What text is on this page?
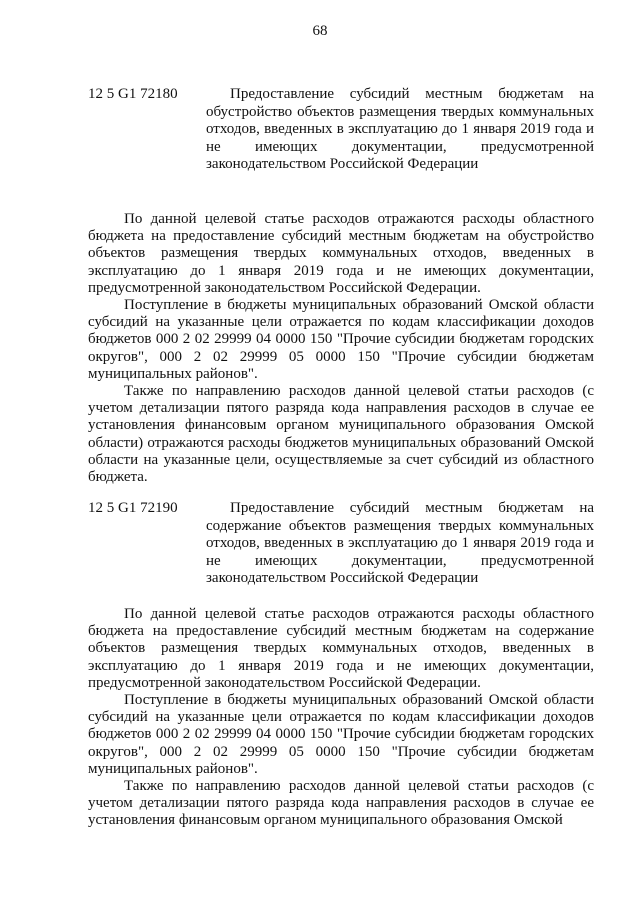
68
12 5 G1 72180	Предоставление субсидий местным бюджетам на обустройство объектов размещения твердых коммунальных отходов, введенных в эксплуатацию до 1 января 2019 года и не имеющих документации, предусмотренной законодательством Российской Федерации

По данной целевой статье расходов отражаются расходы областного бюджета на предоставление субсидий местным бюджетам на обустройство объектов размещения твердых коммунальных отходов, введенных в эксплуатацию до 1 января 2019 года и не имеющих документации, предусмотренной законодательством Российской Федерации.

Поступление в бюджеты муниципальных образований Омской области субсидий на указанные цели отражается по кодам классификации доходов бюджетов 000 2 02 29999 04 0000 150 "Прочие субсидии бюджетам городских округов", 000 2 02 29999 05 0000 150 "Прочие субсидии бюджетам муниципальных районов".

Также по направлению расходов данной целевой статьи расходов (с учетом детализации пятого разряда кода направления расходов в случае ее установления финансовым органом муниципального образования Омской области) отражаются расходы бюджетов муниципальных образований Омской области на указанные цели, осуществляемые за счет субсидий из областного бюджета.

12 5 G1 72190	Предоставление субсидий местным бюджетам на содержание объектов размещения твердых коммунальных отходов, введенных в эксплуатацию до 1 января 2019 года и не имеющих документации, предусмотренной законодательством Российской Федерации

По данной целевой статье расходов отражаются расходы областного бюджета на предоставление субсидий местным бюджетам на содержание объектов размещения твердых коммунальных отходов, введенных в эксплуатацию до 1 января 2019 года и не имеющих документации, предусмотренной законодательством Российской Федерации.

Поступление в бюджеты муниципальных образований Омской области субсидий на указанные цели отражается по кодам классификации доходов бюджетов 000 2 02 29999 04 0000 150 "Прочие субсидии бюджетам городских округов", 000 2 02 29999 05 0000 150 "Прочие субсидии бюджетам муниципальных районов".

Также по направлению расходов данной целевой статьи расходов (с учетом детализации пятого разряда кода направления расходов в случае ее установления финансовым органом муниципального образования Омской
